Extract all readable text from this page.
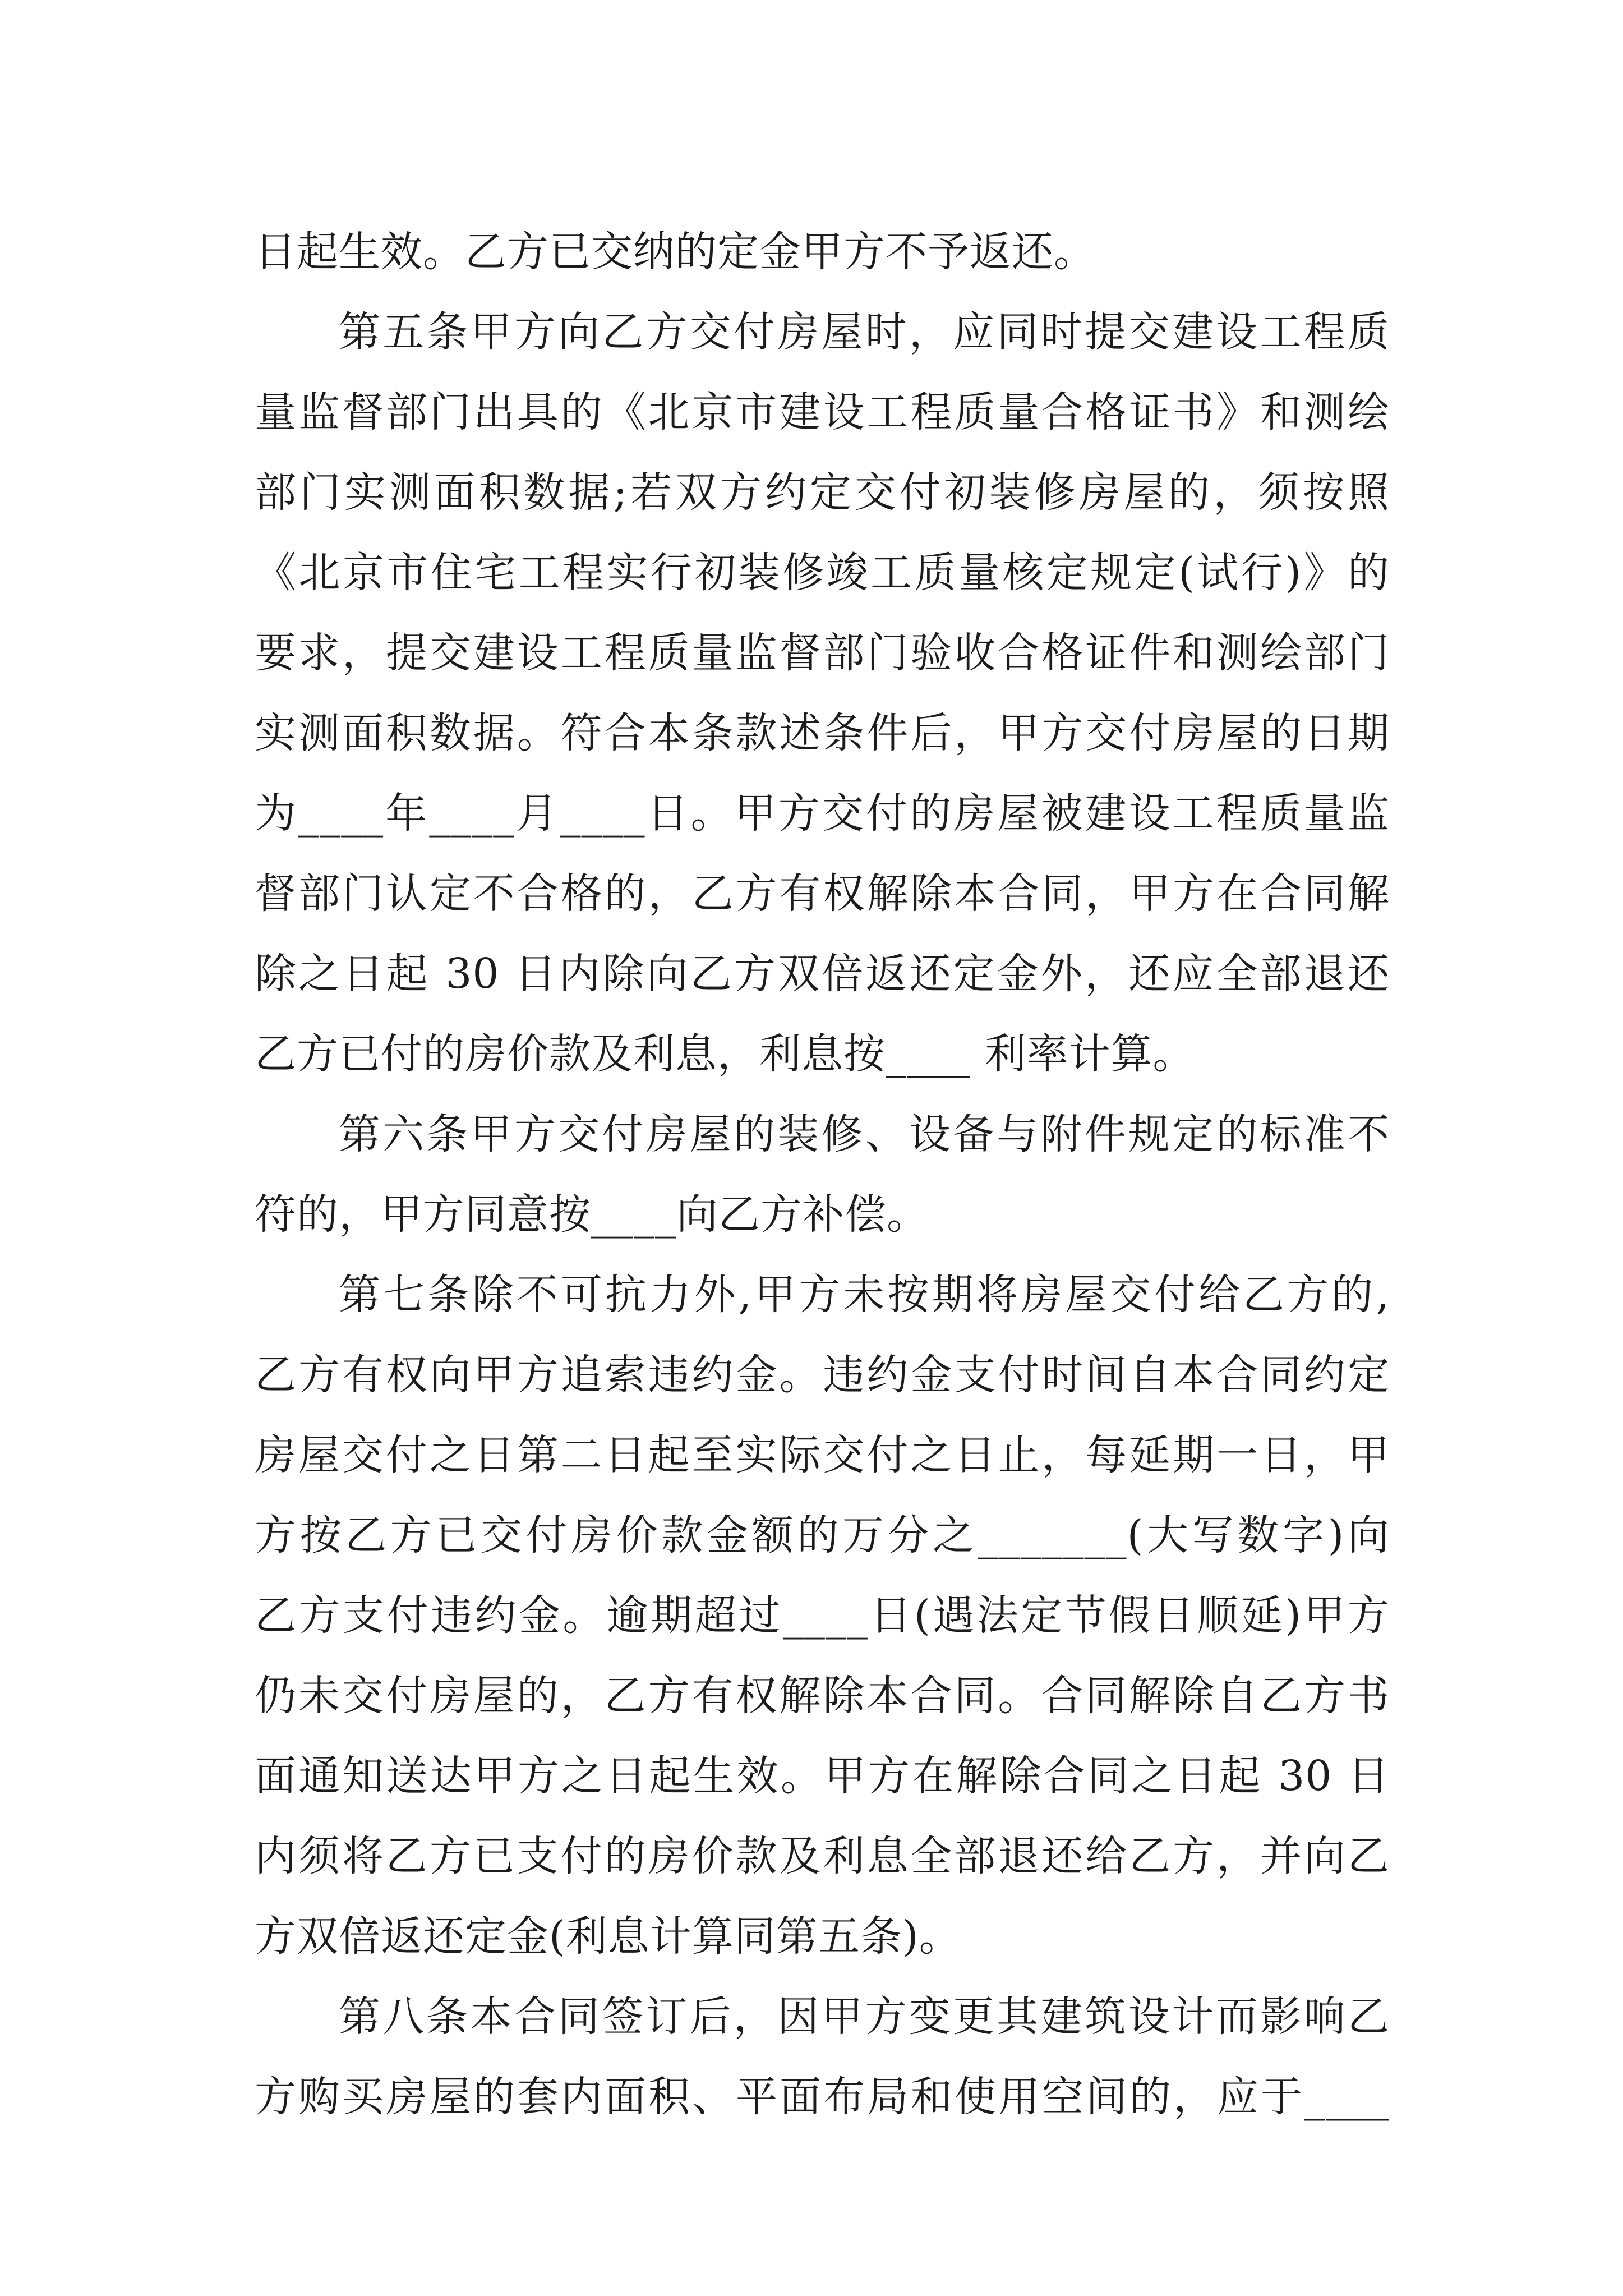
日起生效。乙方已交纳的定金甲方不予返还。
第五条甲方向乙方交付房屋时，应同时提交建设工程质
量监督部门出具的《北京市建设工程质量合格证书》和测绘
部门实测面积数据;若双方约定交付初装修房屋的，须按照
《北京市住宅工程实行初装修竣工质量核定规定(试行)》的
要求，提交建设工程质量监督部门验收合格证件和测绘部门
实测面积数据。符合本条款述条件后，甲方交付房屋的日期
为____年____月____日。甲方交付的房屋被建设工程质量监
督部门认定不合格的，乙方有权解除本合同，甲方在合同解
除之日起 30 日内除向乙方双倍返还定金外，还应全部退还
乙方已付的房价款及利息，利息按____ 利率计算。
第六条甲方交付房屋的装修、设备与附件规定的标准不
符的，甲方同意按____向乙方补偿。
第七条除不可抗力外,甲方未按期将房屋交付给乙方的,
乙方有权向甲方追索违约金。违约金支付时间自本合同约定
房屋交付之日第二日起至实际交付之日止，每延期一日，甲
方按乙方已交付房价款金额的万分之_______(大写数字)向
乙方支付违约金。逾期超过____日(遇法定节假日顺延)甲方
仍未交付房屋的，乙方有权解除本合同。合同解除自乙方书
面通知送达甲方之日起生效。甲方在解除合同之日起 30 日
内须将乙方已支付的房价款及利息全部退还给乙方，并向乙
方双倍返还定金(利息计算同第五条)。
第八条本合同签订后，因甲方变更其建筑设计而影响乙
方购买房屋的套内面积、平面布局和使用空间的，应于____
